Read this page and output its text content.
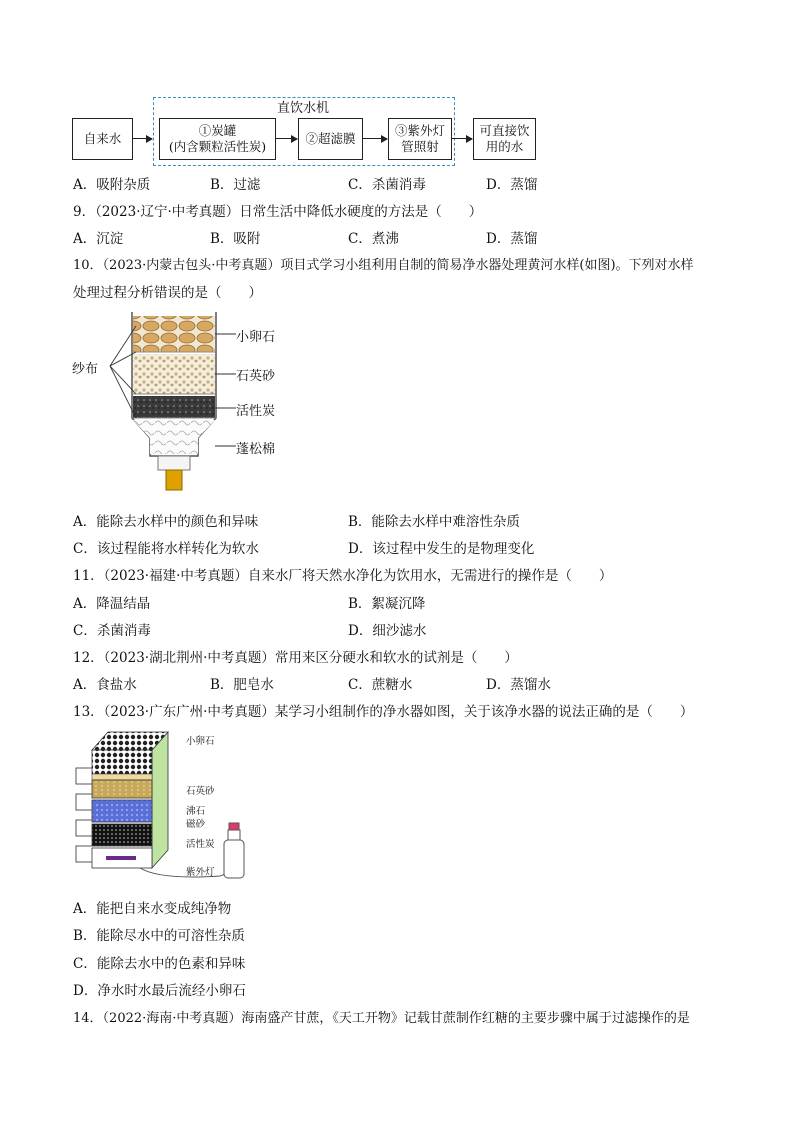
直饮水机
自来水
①炭罐
(内含颗粒活性炭)
②超滤膜
③紫外灯
管照射
可直接饮
用的水
A．吸附杂质	B．过滤	C．杀菌消毒	D．蒸馏
9．（2023·辽宁·中考真题）日常生活中降低水硬度的方法是（　　）
A．沉淀	B．吸附	C．煮沸	D．蒸馏
10．（2023·内蒙古包头·中考真题）项目式学习小组利用自制的简易净水器处理黄河水样(如图)。下列对水样
处理过程分析错误的是（　　）
纱布
小卵石
石英砂
活性炭
蓬松棉
A．能除去水样中的颜色和异味	B．能除去水样中难溶性杂质
C．该过程能将水样转化为软水	D．该过程中发生的是物理变化
11．（2023·福建·中考真题）自来水厂将天然水净化为饮用水，无需进行的操作是（　　）
A．降温结晶	B．絮凝沉降
C．杀菌消毒	D．细沙滤水
12．（2023·湖北荆州·中考真题）常用来区分硬水和软水的试剂是（　　）
A．食盐水	B．肥皂水	C．蔗糖水	D．蒸馏水
13．（2023·广东广州·中考真题）某学习小组制作的净水器如图，关于该净水器的说法正确的是（　　）
小卵石
石英砂
沸石
磁砂
活性炭
紫外灯
A．能把自来水变成纯净物
B．能除尽水中的可溶性杂质
C．能除去水中的色素和异味
D．净水时水最后流经小卵石
14．（2022·海南·中考真题）海南盛产甘蔗，《天工开物》记载甘蔗制作红糖的主要步骤中属于过滤操作的是
